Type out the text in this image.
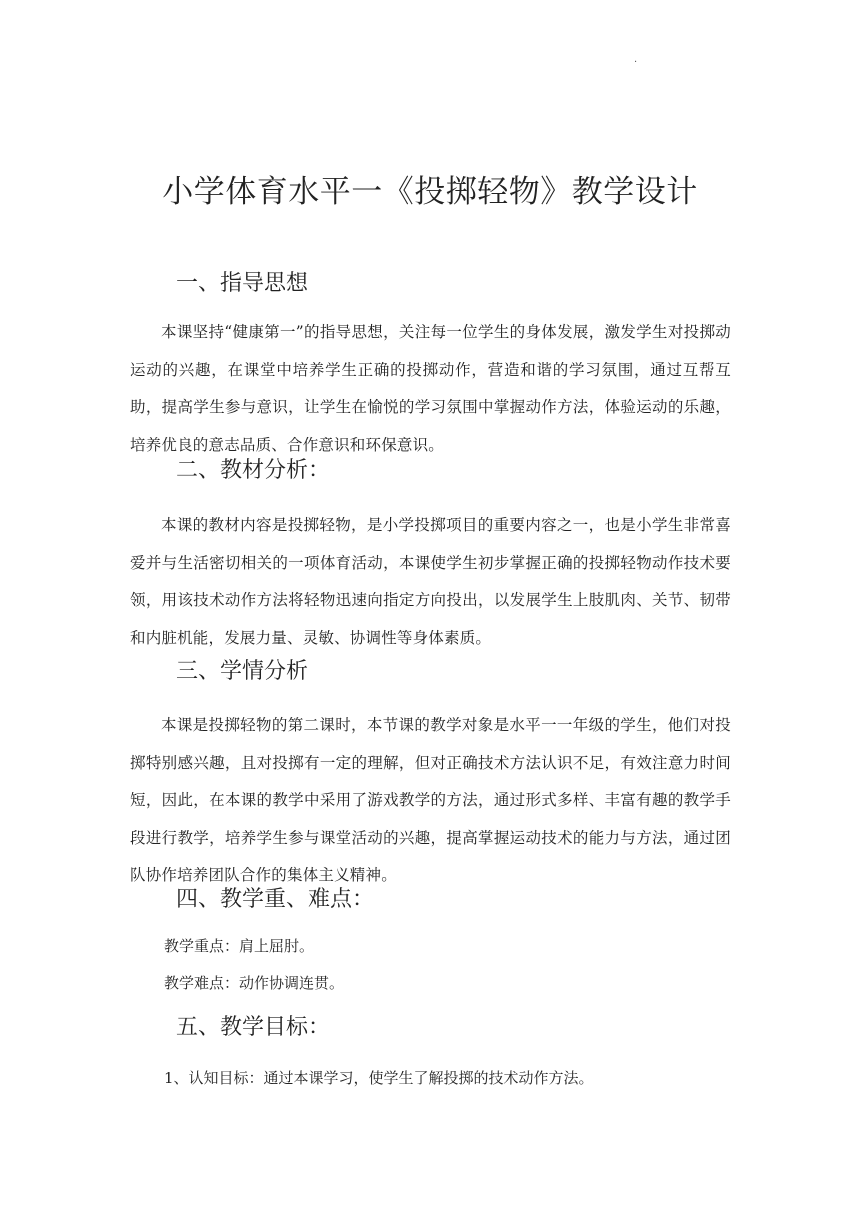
.
小学体育水平一《投掷轻物》教学设计
一、指导思想

本课坚持“健康第一”的指导思想，关注每一位学生的身体发展，激发学生对投掷动运动的兴趣，在课堂中培养学生正确的投掷动作，营造和谐的学习氛围，通过互帮互助，提高学生参与意识，让学生在愉悦的学习氛围中掌握动作方法，体验运动的乐趣，培养优良的意志品质、合作意识和环保意识。

二、教材分析：

本课的教材内容是投掷轻物，是小学投掷项目的重要内容之一，也是小学生非常喜爱并与生活密切相关的一项体育活动，本课使学生初步掌握正确的投掷轻物动作技术要领，用该技术动作方法将轻物迅速向指定方向投出，以发展学生上肢肌肉、关节、韧带和内脏机能，发展力量、灵敏、协调性等身体素质。

三、学情分析

本课是投掷轻物的第二课时，本节课的教学对象是水平一一年级的学生，他们对投掷特别感兴趣，且对投掷有一定的理解，但对正确技术方法认识不足，有效注意力时间短，因此，在本课的教学中采用了游戏教学的方法，通过形式多样、丰富有趣的教学手段进行教学，培养学生参与课堂活动的兴趣，提高掌握运动技术的能力与方法，通过团队协作培养团队合作的集体主义精神。

四、教学重、难点：

教学重点：肩上屈肘。

教学难点：动作协调连贯。

五、教学目标：

1、认知目标：通过本课学习，使学生了解投掷的技术动作方法。
